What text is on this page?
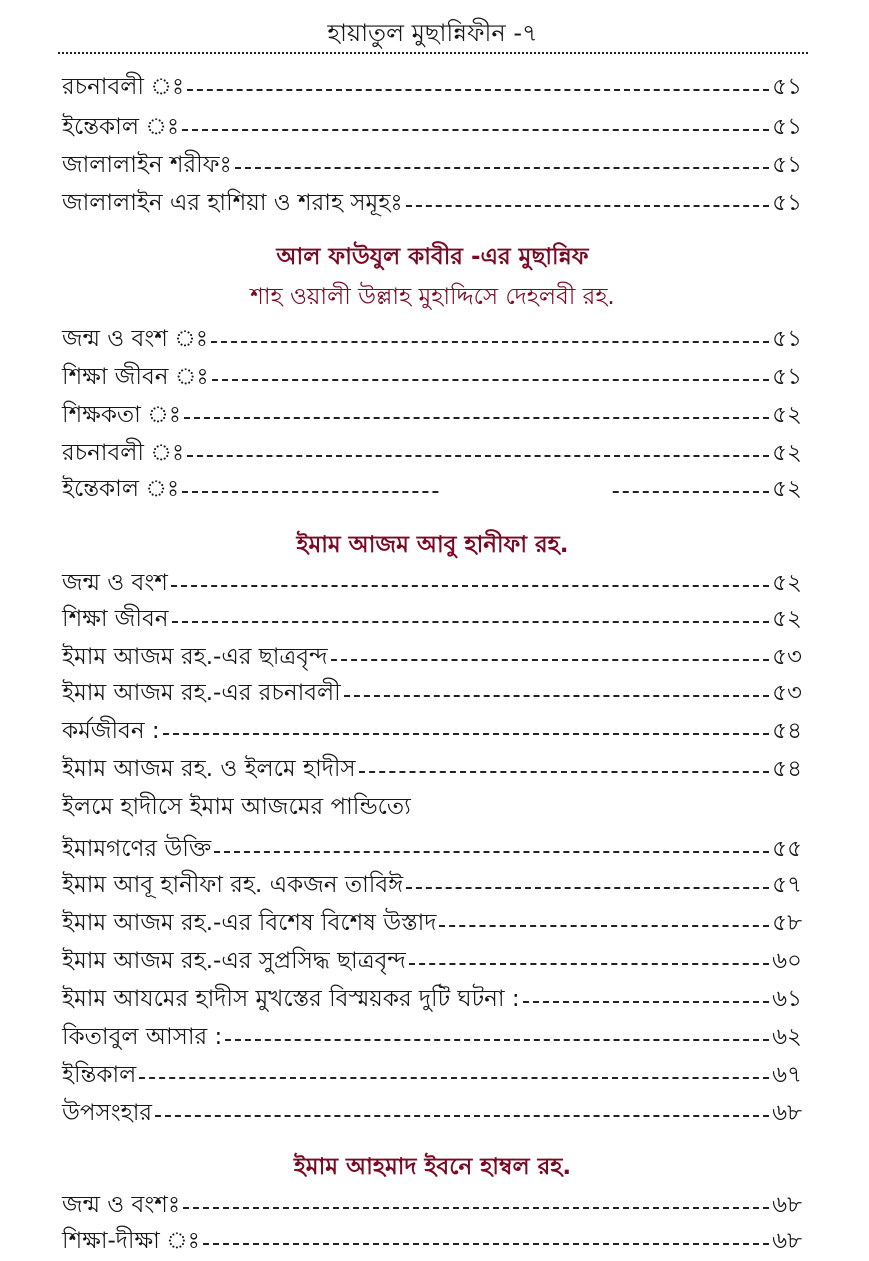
হায়াতুল মুছান্নিফীন -৭
রচনাবলী ঃ	৫১
ইন্তেকাল ঃ	৫১
জালালাইন শরীফঃ	৫১
জালালাইন এর হাশিয়া ও শরাহ সমূহঃ	৫১
আল ফাউযুল কাবীর -এর মুছান্নিফ
শাহ ওয়ালী উল্লাহ মুহাদ্দিসে দেহলবী রহ.
জন্ম ও বংশ ঃ	৫১
শিক্ষা জীবন ঃ	৫১
শিক্ষকতা ঃ	৫২
রচনাবলী ঃ	৫২
ইন্তেকাল ঃ	৫২
ইমাম আজম আবু হানীফা রহ.
জন্ম ও বংশ	৫২
শিক্ষা জীবন	৫২
ইমাম আজম রহ.-এর ছাত্রবৃন্দ	৫৩
ইমাম আজম রহ.-এর রচনাবলী	৫৩
কর্মজীবন :	৫৪
ইমাম আজম রহ. ও ইলমে হাদীস	৫৪
ইলমে হাদীসে ইমাম আজমের পান্ডিত্যে
ইমামগণের উক্তি	৫৫
ইমাম আবূ হানীফা রহ. একজন তাবিঈ	৫৭
ইমাম আজম রহ.-এর বিশেষ বিশেষ উস্তাদ	৫৮
ইমাম আজম রহ.-এর সুপ্রসিদ্ধ ছাত্রবৃন্দ	৬০
ইমাম আযমের হাদীস মুখস্তের বিস্ময়কর দুটি ঘটনা :	৬১
কিতাবুল আসার :	৬২
ইন্তিকাল	৬৭
উপসংহার	৬৮
ইমাম আহমাদ ইবনে হাম্বল রহ.
জন্ম ও বংশঃ	৬৮
শিক্ষা-দীক্ষা ঃ	৬৮
